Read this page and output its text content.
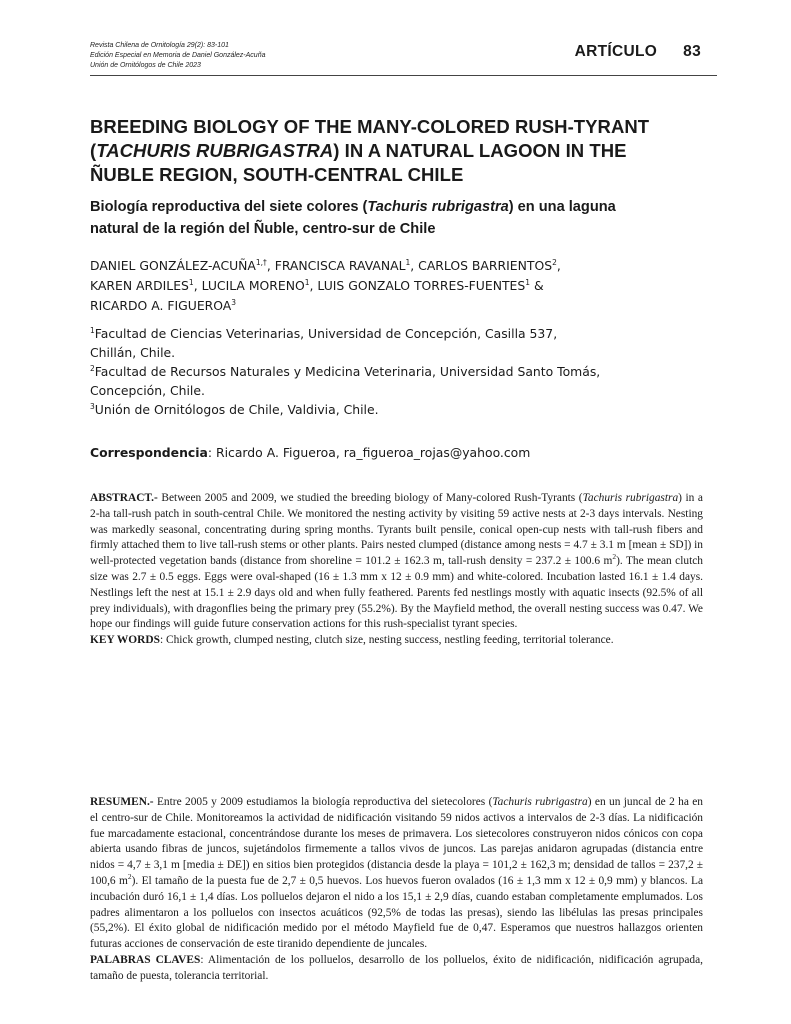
Revista Chilena de Ornitología 29(2): 83-101
Edición Especial en Memoria de Daniel González-Acuña
Unión de Ornitólogos de Chile 2023
ARTÍCULO 83
BREEDING BIOLOGY OF THE MANY-COLORED RUSH-TYRANT
(TACHURIS RUBRIGASTRA) IN A NATURAL LAGOON IN THE
ÑUBLE REGION, SOUTH-CENTRAL CHILE
Biología reproductiva del siete colores (Tachuris rubrigastra) en una laguna
natural de la región del Ñuble, centro-sur de Chile
DANIEL GONZÁLEZ-$ACUÑA^{1,\dagger}$, FRANCISCA RAVANAL$^1$, CARLOS BARRIENTOS$^2$,
KAREN ARDILES$^1$, LUCILA MORENO$^1$, LUIS GONZALO TORRES-FUENTES$^1$ &
RICARDO A. FIGUEROA$^3$
$^1$Facultad de Ciencias Veterinarias, Universidad de Concepción, Casilla 537,
Chillán, Chile.
$^2$Facultad de Recursos Naturales y Medicina Veterinaria, Universidad Santo Tomás,
Concepción, Chile.
$^3$Unión de Ornitólogos de Chile, Valdivia, Chile.
Correspondencia: Ricardo A. Figueroa, ra_figueroa_rojas@yahoo.com
ABSTRACT.- Between 2005 and 2009, we studied the breeding biology of Many-colored Rush-Tyrants (Tachuris rubrigastra) in a 2-ha tall-rush patch in south-central Chile. We monitored the nesting activity by visiting 59 active nests at 2-3 days intervals. Nesting was markedly seasonal, concentrating during spring months. Tyrants built pensile, conical open-cup nests with tall-rush fibers and firmly attached them to live tall-rush stems or other plants. Pairs nested clumped (distance among nests = 4.7 ± 3.1 m [mean ± SD]) in well-protected vegetation bands (distance from shoreline = 101.2 ± 162.3 m, tall-rush density = 237.2 ± 100.6 $m^2$). The mean clutch size was 2.7 ± 0.5 eggs. Eggs were oval-shaped (16 ± 1.3 mm x 12 ± 0.9 mm) and white-colored. Incubation lasted 16.1 ± 1.4 days. Nestlings left the nest at 15.1 ± 2.9 days old and when fully feathered. Parents fed nestlings mostly with aquatic insects (92.5% of all prey individuals), with dragonflies being the primary prey (55.2%). By the Mayfield method, the overall nesting success was 0.47. We hope our findings will guide future conservation actions for this rush-specialist tyrant species.
KEY WORDS: Chick growth, clumped nesting, clutch size, nesting success, nestling feeding, territorial tolerance.
RESUMEN.- Entre 2005 y 2009 estudiamos la biología reproductiva del sietecolores (Tachuris rubrigastra) en un juncal de 2 ha en el centro-sur de Chile. Monitoreamos la actividad de nidificación visitando 59 nidos activos a intervalos de 2-3 días. La nidificación fue marcadamente estacional, concentrándose durante los meses de primavera. Los sietecolores construyeron nidos cónicos con copa abierta usando fibras de juncos, sujetándolos firmemente a tallos vivos de juncos. Las parejas anidaron agrupadas (distancia entre nidos = 4,7 ± 3,1 m [media ± DE]) en sitios bien protegidos (distancia desde la playa = 101,2 ± 162,3 m; densidad de tallos = 237,2 ± 100,6 $m^2$). El tamaño de la puesta fue de 2,7 ± 0,5 huevos. Los huevos fueron ovalados (16 ± 1,3 mm x 12 ± 0,9 mm) y blancos. La incubación duró 16,1 ± 1,4 días. Los polluelos dejaron el nido a los 15,1 ± 2,9 días, cuando estaban completamente emplumados. Los padres alimentaron a los polluelos con insectos acuáticos (92,5% de todas las presas), siendo las libélulas las presas principales (55,2%). El éxito global de nidificación medido por el método Mayfield fue de 0,47. Esperamos que nuestros hallazgos orienten futuras acciones de conservación de este tiranido dependiente de juncales.
PALABRAS CLAVES: Alimentación de los polluelos, desarrollo de los polluelos, éxito de nidificación, nidificación agrupada, tamaño de puesta, tolerancia territorial.
